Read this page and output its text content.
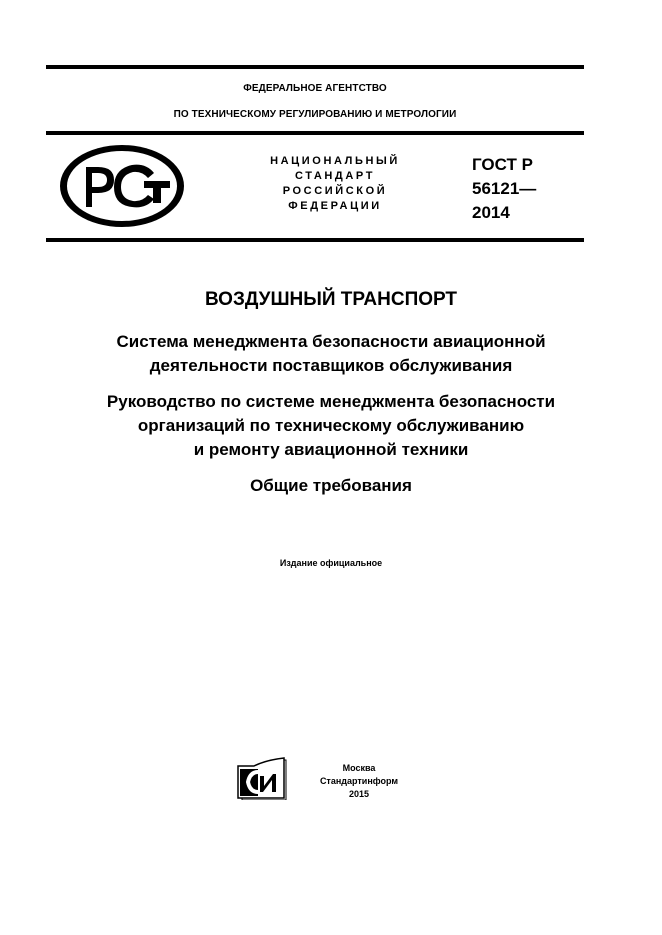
ФЕДЕРАЛЬНОЕ АГЕНТСТВО
ПО ТЕХНИЧЕСКОМУ РЕГУЛИРОВАНИЮ И МЕТРОЛОГИИ
НАЦИОНАЛЬНЫЙ
СТАНДАРТ
РОССИЙСКОЙ
ФЕДЕРАЦИИ
ГОСТ Р
56121—
2014
ВОЗДУШНЫЙ ТРАНСПОРТ
Система менеджмента безопасности авиационной
деятельности поставщиков обслуживания
Руководство по системе менеджмента безопасности
организаций по техническому обслуживанию
и ремонту авиационной техники
Общие требования
Издание официальное
Москва
Стандартинформ
2015
